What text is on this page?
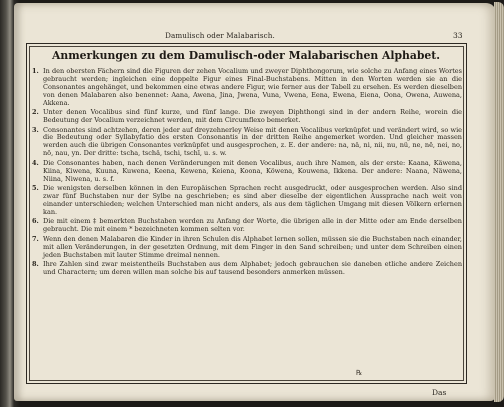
Damulisch oder Malabarisch.	33
Anmerkungen zu dem Damulisch-oder Malabarischen Alphabet.
1. In den obersten Fächern sind die Figuren der zehen Vocalium und zweyer Diphthongorum, wie solche zu Anfang eines Wortes gebraucht werden; ingleichen eine doppelte Figur eines Final-Buchstabens. Mitten in den Worten werden sie an die Consonantes angehänget, und bekommen eine etwas andere Figur, wie ferner aus der Tabell zu ersehen. Es werden dieselben von denen Malabaren also benennet: Aana, Awena, Jina, Jwena, Vuna, Vwena, Eena, Ewena, Eiena, Oona, Owena, Auwena, Akkena.
2. Unter denen Vocalibus sind fünf kurze, und fünf lange. Die zweyen Diphthongi sind in der andern Reihe, worein die Bedeutung der Vocalium verzeichnet werden, mit dem Circumflexo bemerket.
3. Consonantes sind achtzehen, deren jeder auf dreyzehnerley Weise mit denen Vocalibus verknüpfet und verändert wird, so wie die Bedeutung oder Syllabyfatio des ersten Consonantis in der dritten Reihe angemerket worden. Und gleicher massen werden auch die übrigen Consonantes verknüpfet und ausgesprochen, z. E. der andere: na, nä, ni, nii, nu, nü, ne, nē, nei, no, nō, nau, yn. Der dritte: tscha, tschä, tschi, tschī, u. s. w.
4. Die Consonantes haben, nach denen Veränderungen mit denen Vocalibus, auch ihre Namen, als der erste: Kaana, Käwena, Kiina, Kiwena, Kuuna, Kuwena, Keena, Kewena, Keiena, Koona, Köwena, Kouwena, Ikkena. Der andere: Naana, Näwena, Niina, Niwena, u. s. f.
5. Die wenigsten derselben können in den Europäischen Sprachen recht ausgedruckt, oder ausgesprochen werden. Also sind zwar fünf Buchstaben nur der Sylbe na geschrieben; es sind aber dieselbe der eigentlichen Aussprache nach weit von einander unterschieden; welchen Unterschied man nicht anders, als aus dem täglichen Umgang mit diesen Völkern erlernen kan.
6. Die mit einem ‡ bemerkten Buchstaben werden zu Anfang der Worte, die übrigen alle in der Mitte oder am Ende derselben gebraucht. Die mit einem * bezeichneten kommen selten vor.
7. Wenn den denen Malabaren die Kinder in ihren Schulen dis Alphabet lernen sollen, müssen sie die Buchstaben nach einander, mit allen Veränderungen, in der gesetzten Ordnung, mit dem Finger in den Sand schreiben; und unter dem Schreiben einen jeden Buchstaben mit lauter Stimme dreimal nennen.
8. Ihre Zahlen sind zwar meistentheils Buchstaben aus dem Alphabet; jedoch gebrauchen sie daneben etliche andere Zeichen und Charactern; um deren willen man solche bis auf tausend besonders anmerken müssen.
℞
Das
